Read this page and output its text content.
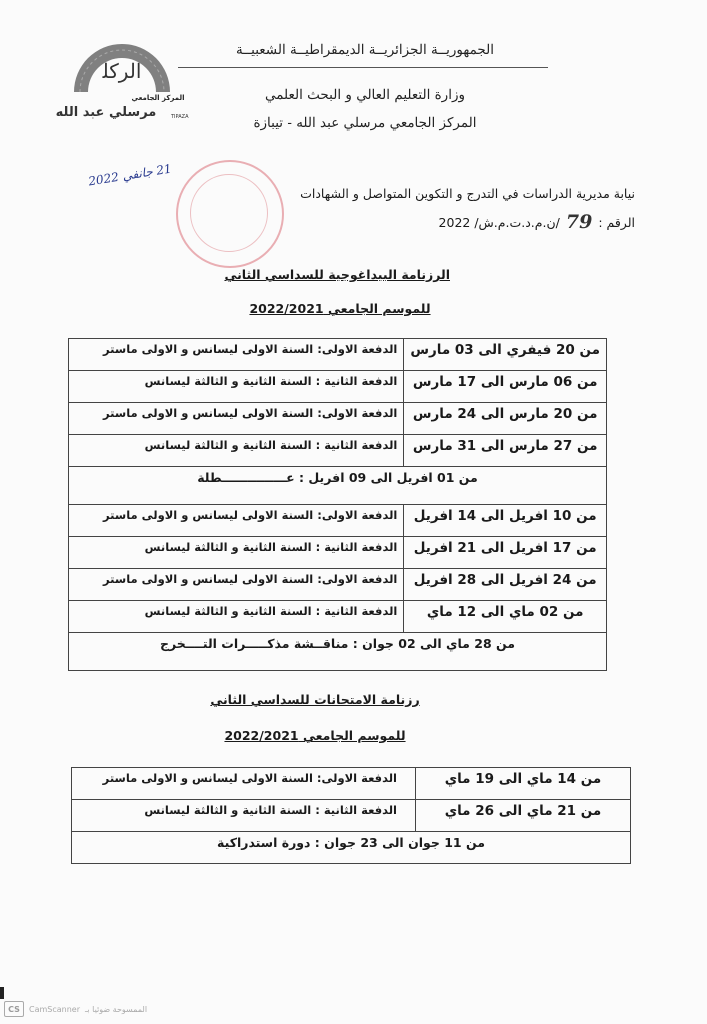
ﺍﻟﺮﻛﻠ
المركز الجامعي
مرسلي عبد الله	TIPAZA
الجمهوريــة الجزائريــة الديمقراطيــة الشعبيــة
وزارة التعليم العالي و البحث العلمي
المركز الجامعي مرسلي عبد الله - تيبازة
21 جانفي 2022
نيابة مديرية الدراسات في التدرج و التكوين المتواصل و الشهادات
الرقم :
79
/ن.م.د.ت.م.ش/ 2022
الرزنامة البيداغوجية للسداسي الثاني
للموسم الجامعي 2022/2021
من 20 فيفري الى 03 مارس	الدفعة الاولى: السنة الاولى ليسانس و الاولى ماستر
من 06 مارس الى 17 مارس	الدفعة الثانية : السنة الثانية و الثالثة ليسانس
من 20 مارس الى 24 مارس	الدفعة الاولى: السنة الاولى ليسانس و الاولى ماستر
من 27 مارس الى 31 مارس	الدفعة الثانية : السنة الثانية و الثالثة ليسانس
من 01 افريل الى 09 افريل : عـــــــــــــــطلة	
من 10 افريل الى 14 افريل	الدفعة الاولى: السنة الاولى ليسانس و الاولى ماستر
من 17 افريل الى 21 افريل	الدفعة الثانية : السنة الثانية و الثالثة ليسانس
من 24 افريل الى 28 افريل	الدفعة الاولى: السنة الاولى ليسانس و الاولى ماستر
من 02 ماي الى 12 ماي	الدفعة الثانية : السنة الثانية و الثالثة ليسانس
من 28 ماي الى 02 جوان : مناقــشة مذكـــــرات التــــخرج	
رزنامة الامتحانات للسداسي الثاني
للموسم الجامعي 2022/2021
من 14 ماي الى 19 ماي	الدفعة الاولى: السنة الاولى ليسانس و الاولى ماستر
من 21 ماي الى 26 ماي	الدفعة الثانية : السنة الثانية و الثالثة ليسانس
من 11 جوان الى 23 جوان : دورة استدراكية	
CS	CamScanner الممسوحة ضوئيا بـ
